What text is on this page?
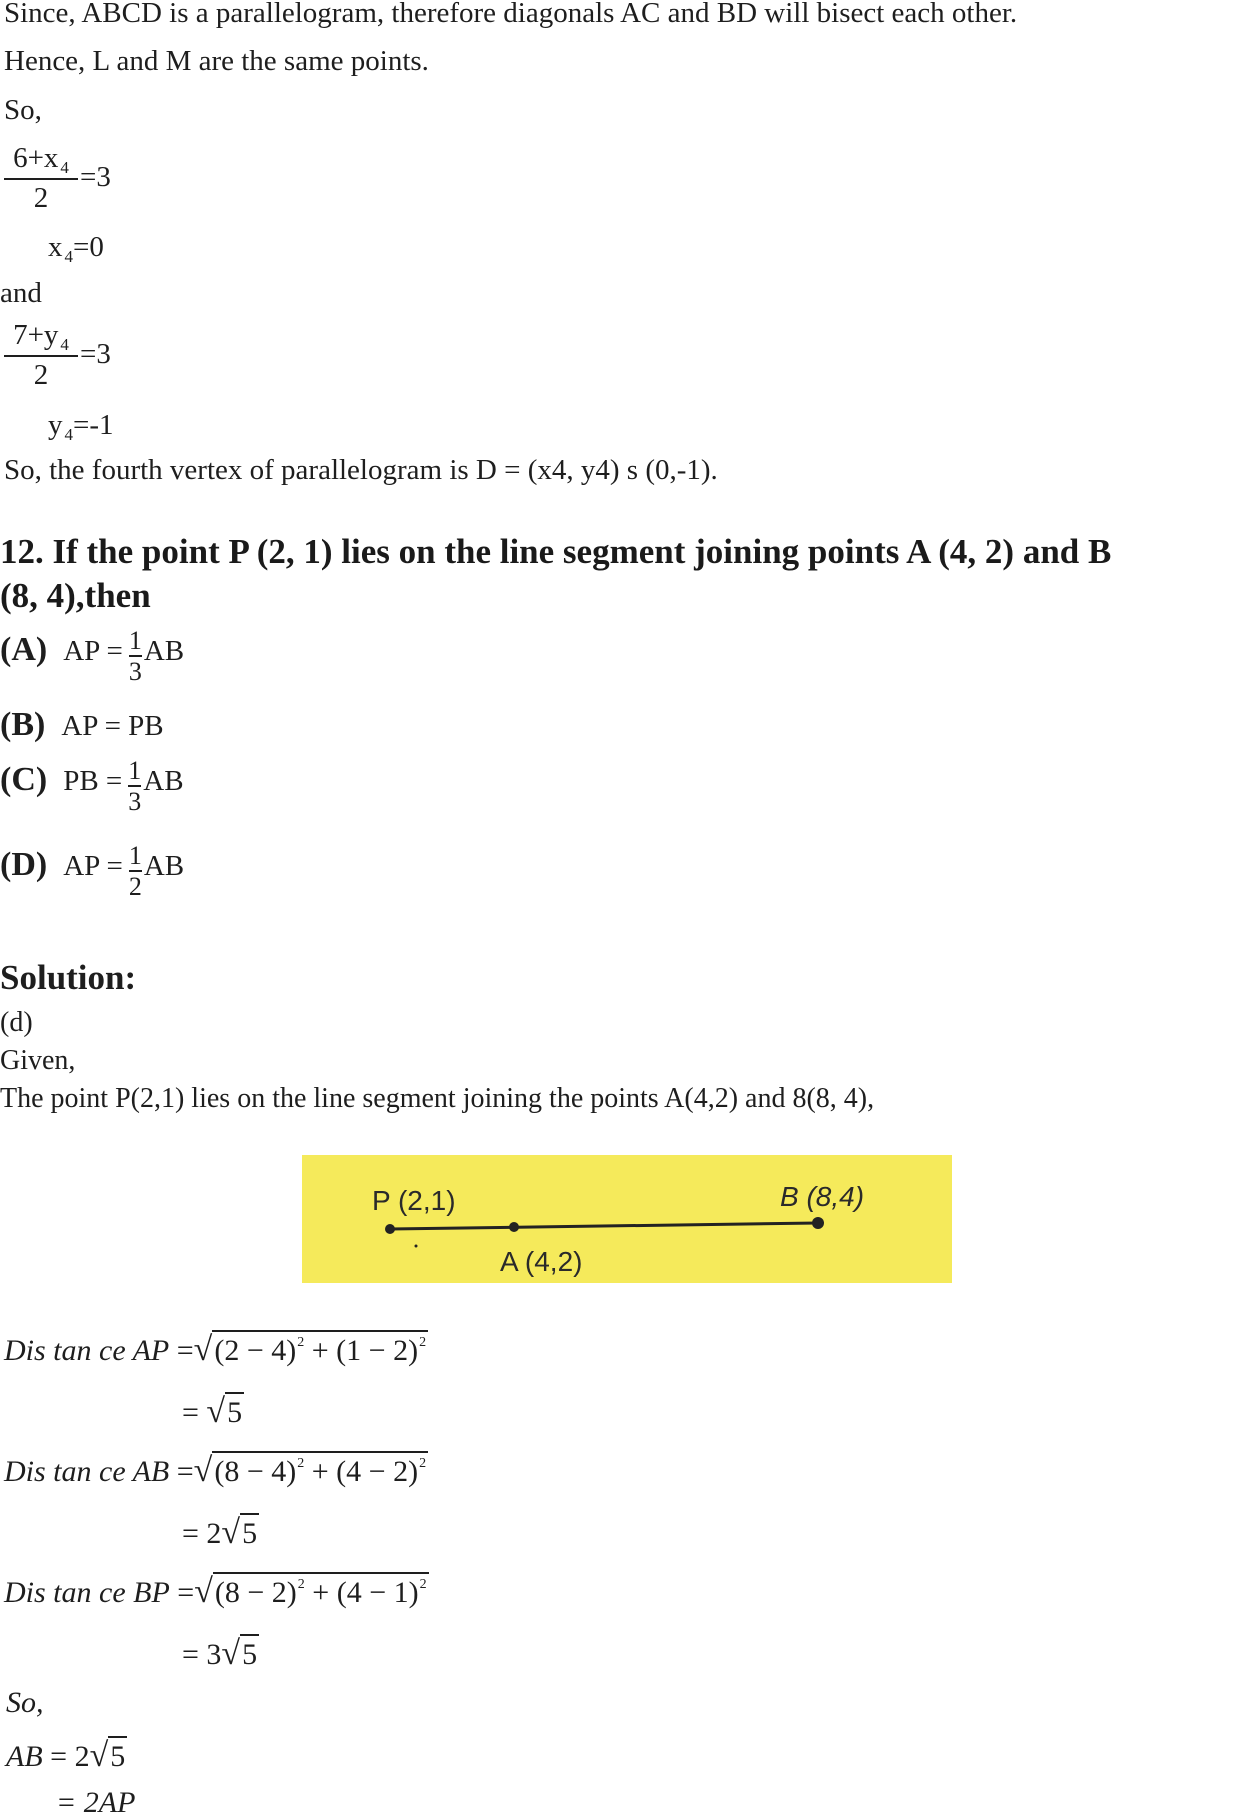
Since, ABCD is a parallelogram, therefore diagonals AC and BD will bisect each other.
Hence, L and M are the same points.
So,
6+x $_4$
2
=3
x $_4$=0
and
7+y $_4$
2
=3
y $_4$=-1
So, the fourth vertex of parallelogram is D = (x4, y4) s (0,-1).
12. If the point P (2, 1) lies on the line segment joining points A (4, 2) and B
(8, 4),then
(A) AP = $\frac{1}{3}AB$
(B) AP = PB
(C) PB = $\frac{1}{3}AB$
(D) AP = $\frac{1}{2}AB$
Solution:
(d)
Given,
The point P(2,1) lies on the line segment joining the points A(4,2) and 8(8, 4),
P (2,1)
A (4,2)
B (8,4)
Dis tan ce AP $=√(2 - 4)^2 + (1 - 2)^2$
= √5
Dis tan ce AB $=√(8 - 4)^2 + (4 - 2)^2$
= 2√5
Dis tan ce BP $=√(8 - 2)^2 + (4 - 1)^2$
= 3√5
So,
AB = 2√5
= 2AP
